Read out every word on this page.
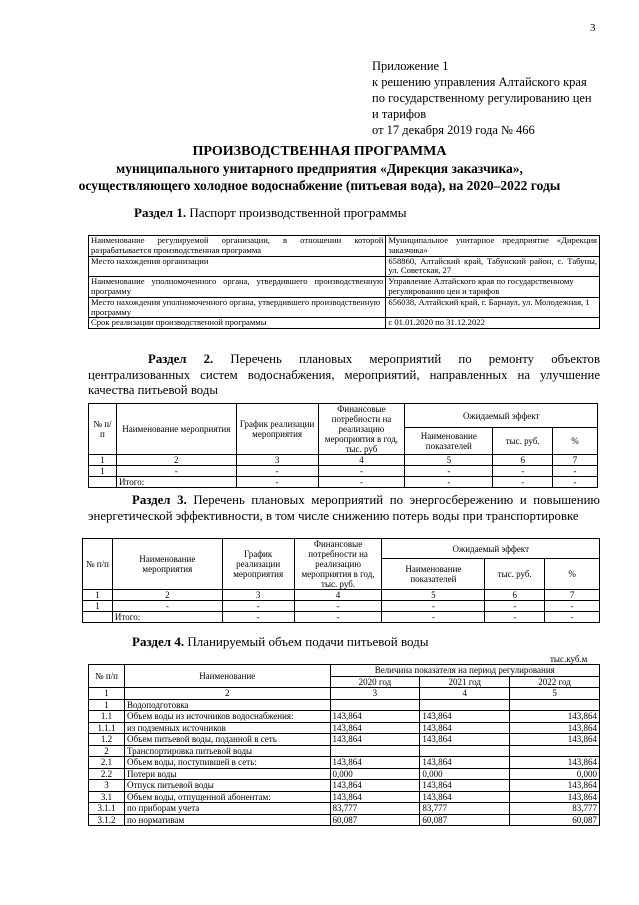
3
Приложение 1
к решению управления Алтайского края
по государственному регулированию цен
и тарифов
от 17 декабря 2019 года № 466
ПРОИЗВОДСТВЕННАЯ ПРОГРАММА
муниципального унитарного предприятия «Дирекция заказчика»,
осуществляющего холодное водоснабжение (питьевая вода), на 2020–2022 годы
Раздел 1. Паспорт производственной программы
Наименование регулируемой организации, в отношении которой разрабатывается производственная программа	Муниципальное унитарное предприятие «Дирекция заказчика»
Место нахождения организации	658860, Алтайский край, Табунский район, с. Табуны, ул. Советская, 27
Наименование уполномоченного органа, утвердившего производственную программу	Управление Алтайского края по государственному регулированию цен и тарифов
Место нахождения уполномоченного органа, утвердившего производственную программу	656038, Алтайский край, г. Барнаул, ул. Молодежная, 1
Срок реализации производственной программы	с 01.01.2020 по 31.12.2022
Раздел 2. Перечень плановых мероприятий по ремонту объектов централизованных систем водоснабжения, мероприятий, направленных на улучшение качества питьевой воды
№ п/п	Наименование мероприятия	График реализации мероприятия	Финансовые потребности на реализацию мероприятия в год, тыс. руб	Ожидаемый эффект		
				Наименование показателей	тыс. руб.	%
1	2	3	4	5	6	7
1	-	-	-	-	-	-
	Итого:	-	-	-	-	-
Раздел 3. Перечень плановых мероприятий по энергосбережению и повышению энергетической эффективности, в том числе снижению потерь воды при транспортировке
№ п/п	Наименование мероприятия	График реализации мероприятия	Финансовые потребности на реализацию мероприятия в год, тыс. руб.	Ожидаемый эффект		
				Наименование показателей	тыс. руб.	%
1	2	3	4	5	6	7
1	-	-	-	-	-	-
	Итого:	-	-	-	-	-
Раздел 4. Планируемый объем подачи питьевой воды
тыс.куб.м
№ п/п	Наименование	Величина показателя на период регулирования		
		2020 год	2021 год	2022 год
1	2	3	4	5
1	Водоподготовка			
1.1	Объем воды из источников водоснабжения:	143,864	143,864	143,864
1.1.1	из подземных источников	143,864	143,864	143,864
1.2	Объем питьевой воды, поданной в сеть	143,864	143,864	143,864
2	Транспортировка питьевой воды			
2.1	Объем воды, поступившей в сеть:	143,864	143,864	143,864
2.2	Потери воды	0,000	0,000	0,000
3	Отпуск питьевой воды	143,864	143,864	143,864
3.1	Объем воды, отпущенной абонентам:	143,864	143,864	143,864
3.1.1	по приборам учета	83,777	83,777	83,777
3.1.2	по нормативам	60,087	60,087	60,087
